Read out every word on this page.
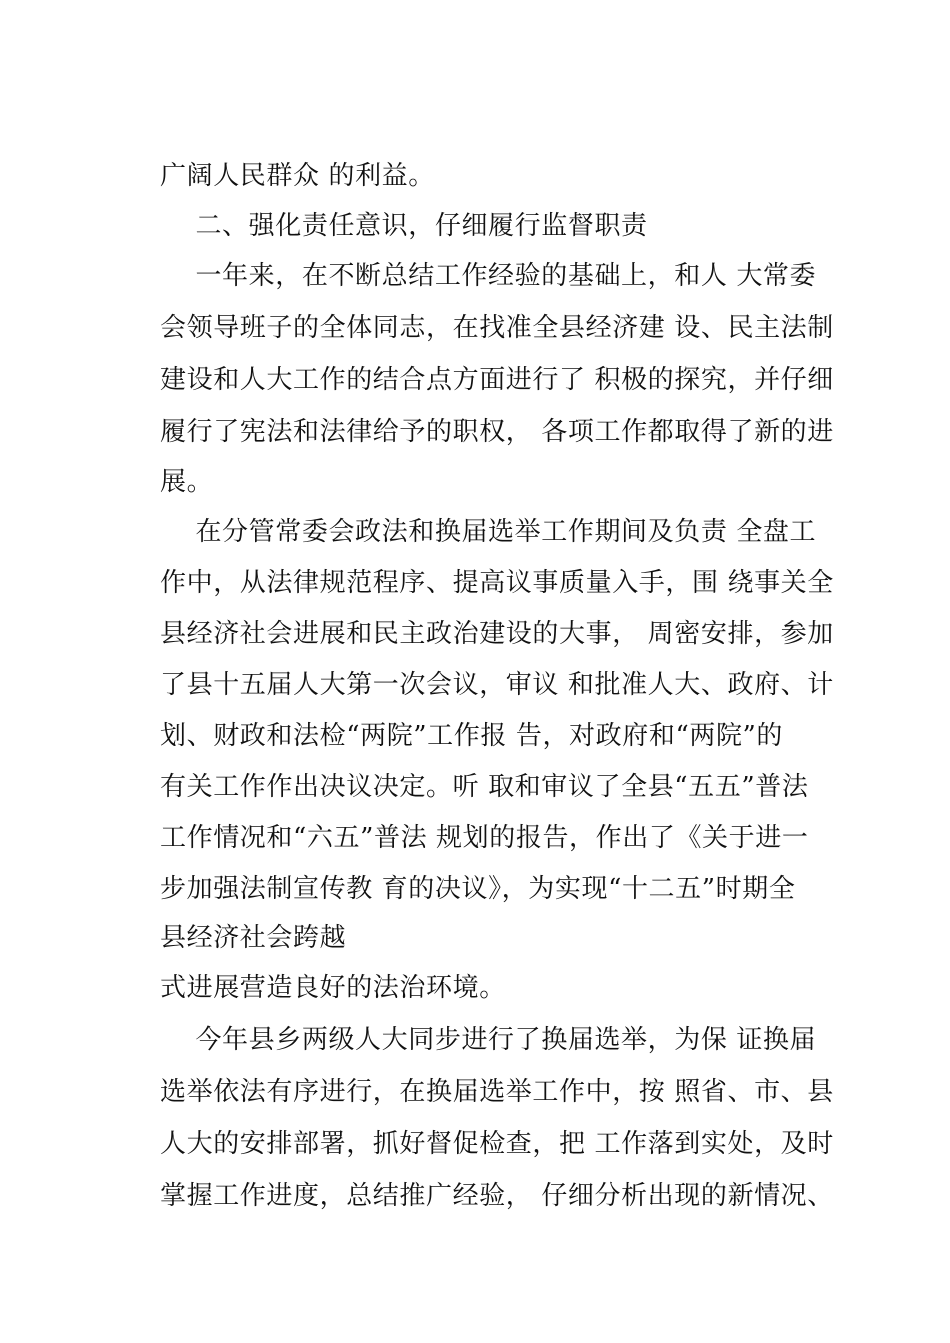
广阔人民群众 的利益。
二、强化责任意识，仔细履行监督职责
一年来，在不断总结工作经验的基础上，和人 大常委
会领导班子的全体同志，在找准全县经济建 设、民主法制
建设和人大工作的结合点方面进行了 积极的探究，并仔细
履行了宪法和法律给予的职权， 各项工作都取得了新的进
展。
在分管常委会政法和换届选举工作期间及负责 全盘工
作中，从法律规范程序、提高议事质量入手，围 绕事关全
县经济社会进展和民主政治建设的大事， 周密安排，参加
了县十五届人大第一次会议，审议 和批准人大、政府、计
划、财政和法检“两院”工作报 告，对政府和“两院”的
有关工作作出决议决定。听 取和审议了全县“五五”普法
工作情况和“六五”普法 规划的报告，作出了《关于进一
步加强法制宣传教 育的决议》，为实现“十二五”时期全
县经济社会跨越
式进展营造良好的法治环境。
今年县乡两级人大同步进行了换届选举，为保 证换届
选举依法有序进行，在换届选举工作中，按 照省、市、县
人大的安排部署，抓好督促检查，把 工作落到实处，及时
掌握工作进度，总结推广经验， 仔细分析出现的新情况、
